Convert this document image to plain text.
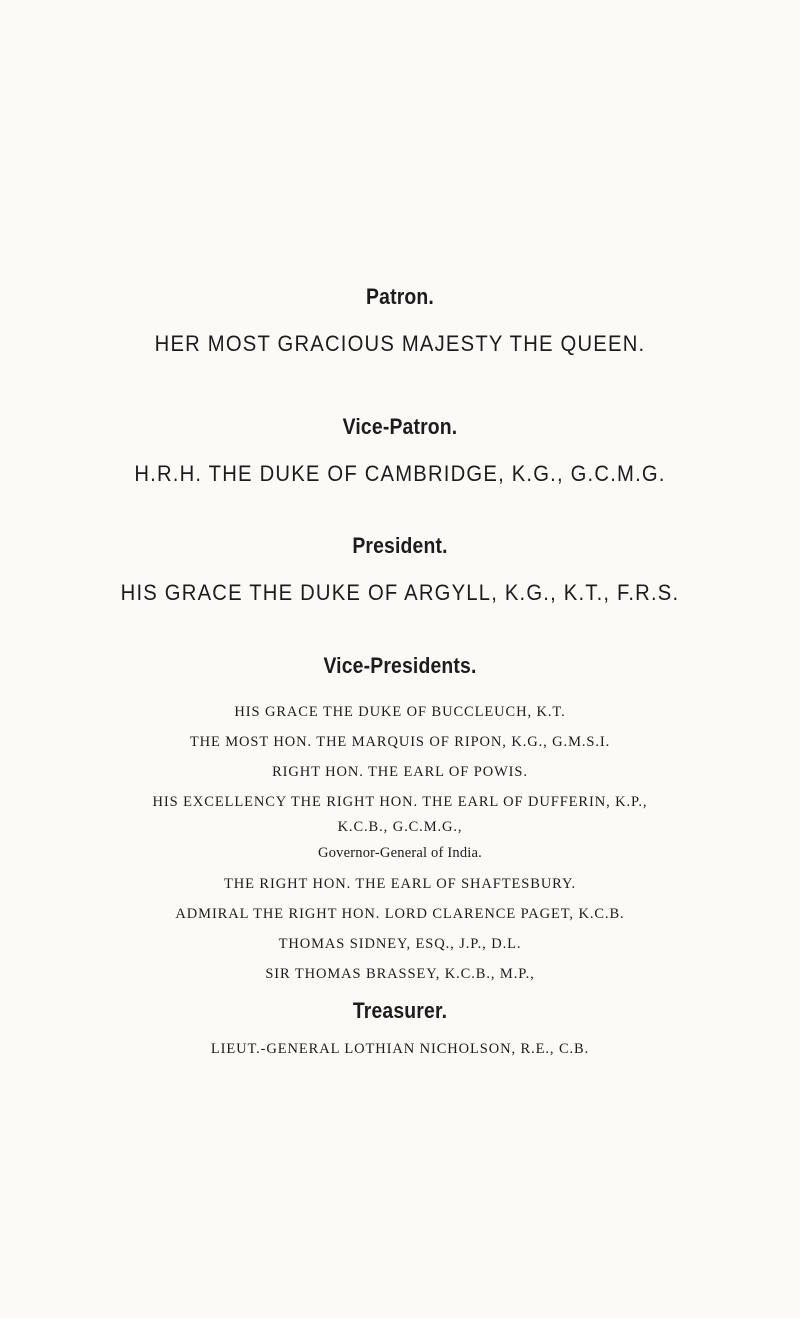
Patron.
HER MOST GRACIOUS MAJESTY THE QUEEN.
Vice-Patron.
H.R.H. THE DUKE OF CAMBRIDGE, K.G., G.C.M.G.
President.
HIS GRACE THE DUKE OF ARGYLL, K.G., K.T., F.R.S.
Vice-Presidents.
HIS GRACE THE DUKE OF BUCCLEUCH, K.T.
THE MOST HON. THE MARQUIS OF RIPON, K.G., G.M.S.I.
RIGHT HON. THE EARL OF POWIS.
HIS EXCELLENCY THE RIGHT HON. THE EARL OF DUFFERIN, K.P.,
K.C.B., G.C.M.G.,
Governor-General of India.
THE RIGHT HON. THE EARL OF SHAFTESBURY.
ADMIRAL THE RIGHT HON. LORD CLARENCE PAGET, K.C.B.
THOMAS SIDNEY, ESQ., J.P., D.L.
SIR THOMAS BRASSEY, K.C.B., M.P.,
Treasurer.
LIEUT.-GENERAL LOTHIAN NICHOLSON, R.E., C.B.
